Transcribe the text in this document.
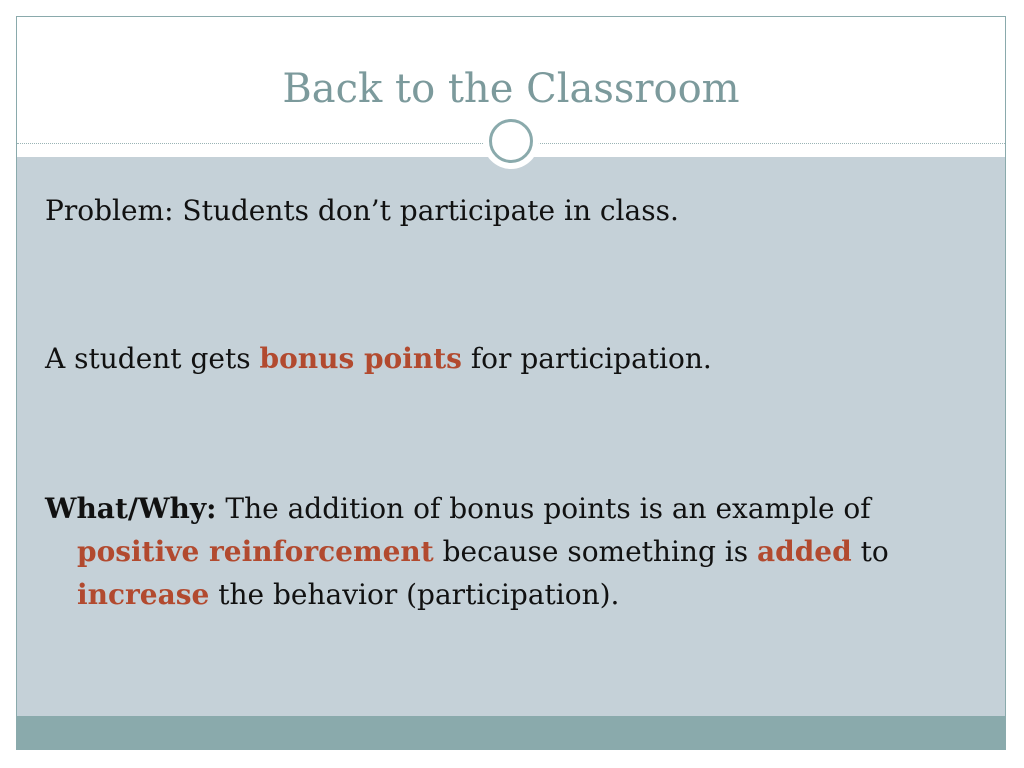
Back to the Classroom

Problem: Students don’t participate in class.

A student gets bonus points for participation.

What/Why: The addition of bonus points is an example of positive reinforcement because something is added to increase the behavior (participation).
